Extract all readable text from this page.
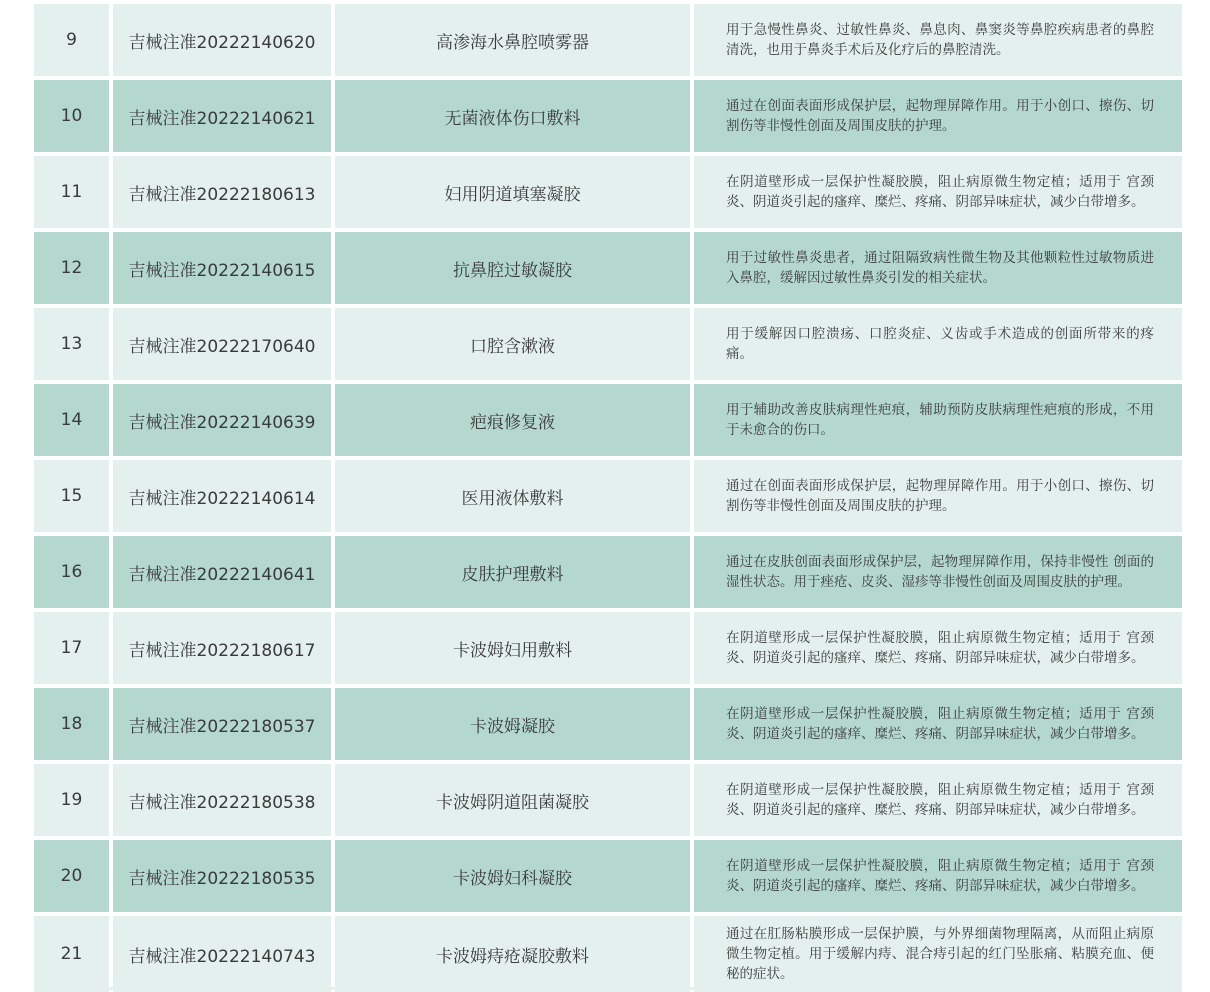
9	吉械注准20222140620	高渗海水鼻腔喷雾器
用于急慢性鼻炎、过敏性鼻炎、鼻息肉、鼻窦炎等鼻腔疾病患者的鼻腔清洗，也用于鼻炎手术后及化疗后的鼻腔清洗。
10	吉械注准20222140621	无菌液体伤口敷料
通过在创面表面形成保护层，起物理屏障作用。用于小创口、擦伤、切割伤等非慢性创面及周围皮肤的护理。
11	吉械注准20222180613	妇用阴道填塞凝胶
在阴道壁形成一层保护性凝胶膜，阻止病原微生物定植；适用于 宫颈炎、阴道炎引起的瘙痒、糜烂、疼痛、阴部异味症状，减少白带增多。
12	吉械注准20222140615	抗鼻腔过敏凝胶
用于过敏性鼻炎患者，通过阻隔致病性微生物及其他颗粒性过敏物质进入鼻腔，缓解因过敏性鼻炎引发的相关症状。
13	吉械注准20222170640	口腔含漱液
用于缓解因口腔溃疡、口腔炎症、义齿或手术造成的创面所带来的疼痛。
14	吉械注准20222140639	疤痕修复液
用于辅助改善皮肤病理性疤痕，辅助预防皮肤病理性疤痕的形成，不用于未愈合的伤口。
15	吉械注准20222140614	医用液体敷料
通过在创面表面形成保护层，起物理屏障作用。用于小创口、擦伤、切割伤等非慢性创面及周围皮肤的护理。
16	吉械注准20222140641	皮肤护理敷料
通过在皮肤创面表面形成保护层，起物理屏障作用，保持非慢性 创面的湿性状态。用于痤疮、皮炎、湿疹等非慢性创面及周围皮肤的护理。
17	吉械注准20222180617	卡波姆妇用敷料
在阴道壁形成一层保护性凝胶膜，阻止病原微生物定植；适用于 宫颈炎、阴道炎引起的瘙痒、糜烂、疼痛、阴部异味症状，减少白带增多。
18	吉械注准20222180537	卡波姆凝胶
在阴道壁形成一层保护性凝胶膜，阻止病原微生物定植；适用于 宫颈炎、阴道炎引起的瘙痒、糜烂、疼痛、阴部异味症状，减少白带增多。
19	吉械注准20222180538	卡波姆阴道阻菌凝胶
在阴道壁形成一层保护性凝胶膜，阻止病原微生物定植；适用于 宫颈炎、阴道炎引起的瘙痒、糜烂、疼痛、阴部异味症状，减少白带增多。
20	吉械注准20222180535	卡波姆妇科凝胶
在阴道壁形成一层保护性凝胶膜，阻止病原微生物定植；适用于 宫颈炎、阴道炎引起的瘙痒、糜烂、疼痛、阴部异味症状，减少白带增多。
21	吉械注准20222140743	卡波姆痔疮凝胶敷料
通过在肛肠粘膜形成一层保护膜，与外界细菌物理隔离，从而阻止病原微生物定植。用于缓解内痔、混合痔引起的红门坠胀痛、粘膜充血、便秘的症状。
